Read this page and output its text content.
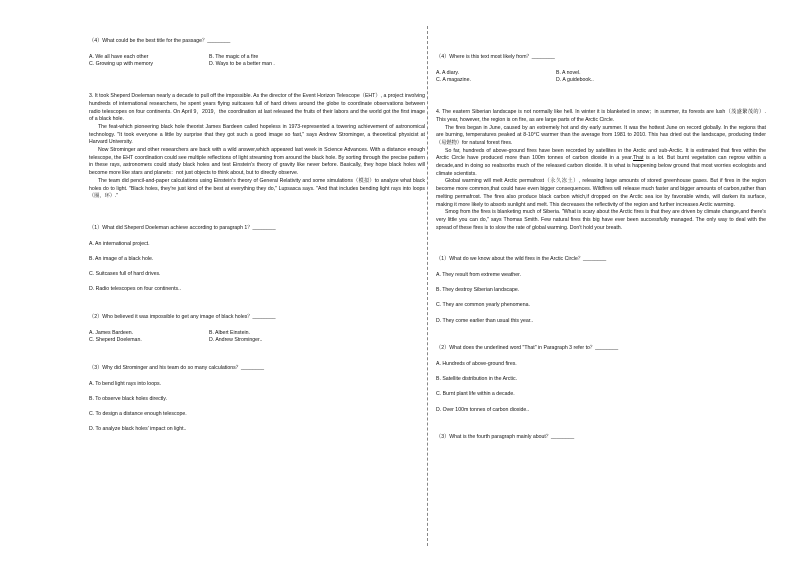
（4）What could be the best title for the passage？________

A. We all have each other	B. The magic of a fire
C. Growing up with memory	D. Ways to be a better man .

3. It took Sheperd Doeleman nearly a decade to pull off the impossible. As the director of the Event Horizon Telescope（EHT）, a project involving hundreds of international researchers, he spent years flying suitcases full of hard drives around the globe to coordinate observations between radio telescopes on four continents. On April 9，2019，the coordination at last released the fruits of their labors and the world got the first image of a black hole.

The feat-which pioneering black hole theorist James Bardeen called hopeless in 1973-represented a towering achievement of astronomical technology. "It took everyone a little by surprise that they got such a good image so fast," says Andrew Strominger, a theoretical physicist at Harvard University.

Now Strominger and other researchers are back with a wild answer,which appeared last week in Science Advances. With a distance enough telescope, the EHT coordination could see multiple reflections of light streaming from around the black hole. By sorting through the precise pattern in these rays, astronomers could study black holes and test Einstein's theory of gravity like never before. Basically, they hope black holes will become more like stars and planets：not just objects to think about, but to directly observe.

The team did pencil-and-paper calculations using Einstein's theory of General Relativity and some simulations（模拟）to analyze what black holes do to light. "Black holes, they're just kind of the best at everything they do," Lupsasca says. "And that includes bending light rays into loops（圈，环）."

（1）What did Sheperd Doeleman achieve according to paragraph 1？________

A. An international project.

B. An image of a black hole.

C. Suitcases full of hard drives.

D. Radio telescopes on four continents..

（2）Who believed it was impossible to get any image of black holes？________

A. James Bardeen.	B. Albert Einstein.
C. Sheperd Doeleman.	D. Andrew Strominger..

（3）Why did Strominger and his team do so many calculations？________

A. To bend light rays into loops.

B. To observe black holes directly.

C. To design a distance enough telescope.

D. To analyze black holes' impact on light..

（4）Where is this text most likely from？________

A. A diary.	B. A novel.
C. A magazine.	D. A guidebook..

4. The eastern Siberian landscape is not normally like hell. In winter it is blanketed in snow；in summer, its forests are lush（茂盛繁茂的）. This year, however, the region is on fire, as are large parts of the Arctic Circle.

The fires began in June, caused by an extremely hot and dry early summer. It was the hottest June on record globally. In the regions that are burning, temperatures peaked at 8-10°C warmer than the average from 1981 to 2010. This has dried out the landscape, producing tinder（易燃物）for natural forest fires.

So far, hundreds of above-ground fires have been recorded by satellites in the Arctic and sub-Arctic. It is estimated that fires within the Arctic Circle have produced more than 100m tonnes of carbon dioxide in a year.That is a lot. But burnt vegetation can regrow within a decade,and in doing so reabsorbs much of the released carbon dioxide. It is what is happening below ground that most worries ecologists and climate scientists.

Global warming will melt Arctic permafrost（永久冻土）, releasing large amounts of stored greenhouse gases. But if fires in the region become more common,that could have even bigger consequences. Wildfires will release much faster and bigger amounts of carbon,rather than melting permafrost. The fires also produce black carbon which,if dropped on the Arctic sea ice by favorable winds, will darken its surface, making it more likely to absorb sunlight and melt. This decreases the reflectivity of the region and further increases Arctic warming.

Smog from the fires is blanketing much of Siberia. "What is scary about the Arctic fires is that they are driven by climate change,and there's very little you can do," says Thomas Smith. Few natural fires this big have ever been successfully managed. The only way to deal with the spread of these fires is to slow the rate of global warming. Don't hold your breath.

（1）What do we know about the wild fires in the Arctic Circle？________

A. They result from extreme weather.

B. They destroy Siberian landscape.

C. They are common yearly phenomena.

D. They come earlier than usual this year..

（2）What does the underlined word "That" in Paragraph 3 refer to？________

A. Hundreds of above-ground fires.

B. Satellite distribution in the Arctic.

C. Burnt plant life within a decade.

D. Over 100m tonnes of carbon dioxide..

（3）What is the fourth paragraph mainly about？________
